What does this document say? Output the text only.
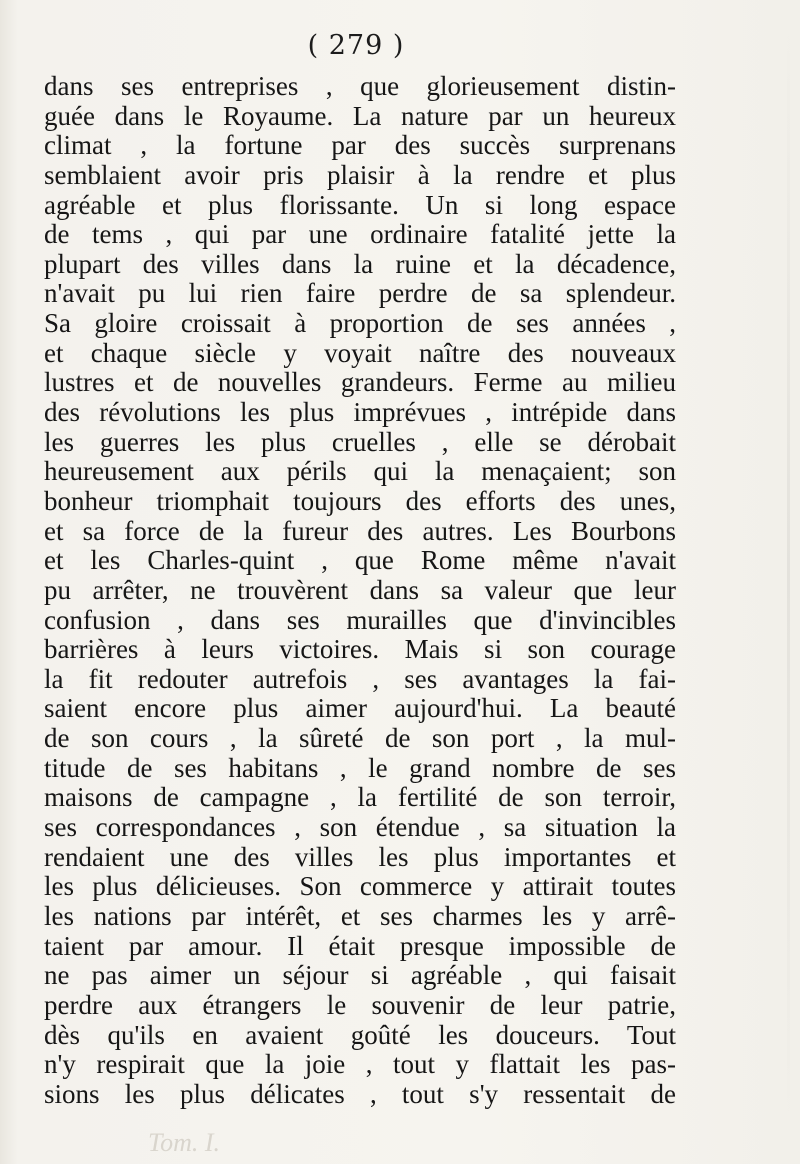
( 279 )
dans ses entreprises , que glorieusement distin-
guée dans le Royaume. La nature par un heureux
climat , la fortune par des succès surprenans
semblaient avoir pris plaisir à la rendre et plus
agréable et plus florissante. Un si long espace
de tems , qui par une ordinaire fatalité jette la
plupart des villes dans la ruine et la décadence,
n'avait pu lui rien faire perdre de sa splendeur.
Sa gloire croissait à proportion de ses années ,
et chaque siècle y voyait naître des nouveaux
lustres et de nouvelles grandeurs. Ferme au milieu
des révolutions les plus imprévues , intrépide dans
les guerres les plus cruelles , elle se dérobait
heureusement aux périls qui la menaçaient; son
bonheur triomphait toujours des efforts des unes,
et sa force de la fureur des autres. Les Bourbons
et les Charles-quint , que Rome même n'avait
pu arrêter, ne trouvèrent dans sa valeur que leur
confusion , dans ses murailles que d'invincibles
barrières à leurs victoires. Mais si son courage
la fit redouter autrefois , ses avantages la fai-
saient encore plus aimer aujourd'hui. La beauté
de son cours , la sûreté de son port , la mul-
titude de ses habitans , le grand nombre de ses
maisons de campagne , la fertilité de son terroir,
ses correspondances , son étendue , sa situation la
rendaient une des villes les plus importantes et
les plus délicieuses. Son commerce y attirait toutes
les nations par intérêt, et ses charmes les y arrê-
taient par amour. Il était presque impossible de
ne pas aimer un séjour si agréable , qui faisait
perdre aux étrangers le souvenir de leur patrie,
dès qu'ils en avaient goûté les douceurs. Tout
n'y respirait que la joie , tout y flattait les pas-
sions les plus délicates , tout s'y ressentait de
Tom. I.
